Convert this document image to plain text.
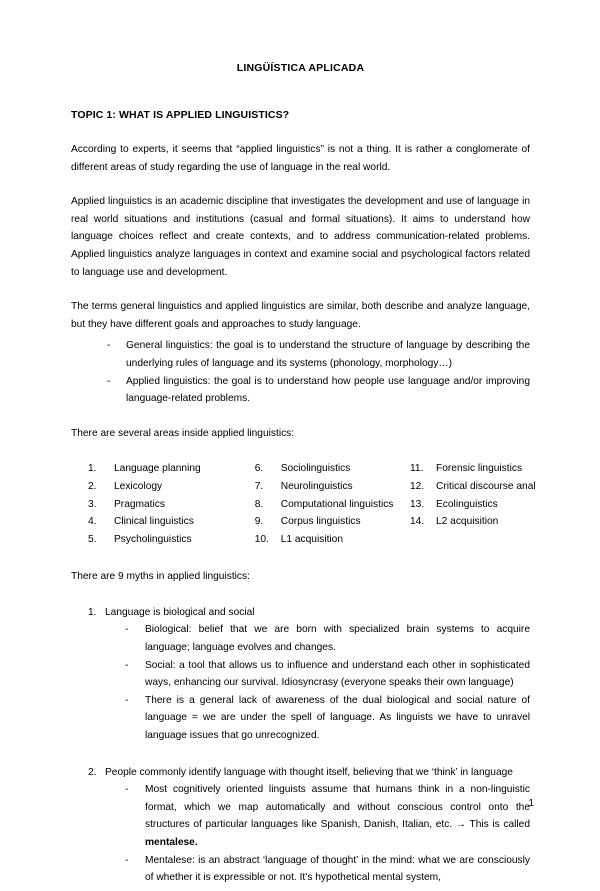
LINGÜÍSTICA APLICADA
TOPIC 1: WHAT IS APPLIED LINGUISTICS?

According to experts, it seems that “applied linguistics” is not a thing. It is rather a conglomerate of different areas of study regarding the use of language in the real world.

Applied linguistics is an academic discipline that investigates the development and use of language in real world situations and institutions (casual and formal situations). It aims to understand how language choices reflect and create contexts, and to address communication-related problems. Applied linguistics analyze languages in context and examine social and psychological factors related to language use and development.

The terms general linguistics and applied linguistics are similar, both describe and analyze language, but they have different goals and approaches to study language.

- General linguistics: the goal is to understand the structure of language by describing the underlying rules of language and its systems (phonology, morphology…)
- Applied linguistics: the goal is to understand how people use language and/or improving language-related problems.

There are several areas inside applied linguistics:

1.	Language planning
2.	Lexicology
3.	Pragmatics
4.	Clinical linguistics
5.	Psycholinguistics
6.	Sociolinguistics
7.	Neurolinguistics
8.	Computational linguistics
9.	Corpus linguistics
10.	L1 acquisition
11.	Forensic linguistics
12.	Critical discourse anal
13.	Ecolinguistics
14.	L2 acquisition

There are 9 myths in applied linguistics:

1. Language is biological and social
- Biological: belief that we are born with specialized brain systems to acquire language; language evolves and changes.
- Social: a tool that allows us to influence and understand each other in sophisticated ways, enhancing our survival. Idiosyncrasy (everyone speaks their own language)
- There is a general lack of awareness of the dual biological and social nature of language = we are under the spell of language. As linguists we have to unravel language issues that go unrecognized.
2. People commonly identify language with thought itself, believing that we ‘think’ in language
- Most cognitively oriented linguists assume that humans think in a non-linguistic format, which we map automatically and without conscious control onto the structures of particular languages like Spanish, Danish, Italian, etc. → This is called mentalese.
- Mentalese: is an abstract ‘language of thought’ in the mind: what we are consciously of whether it is expressible or not. It’s hypothetical mental system,
1
